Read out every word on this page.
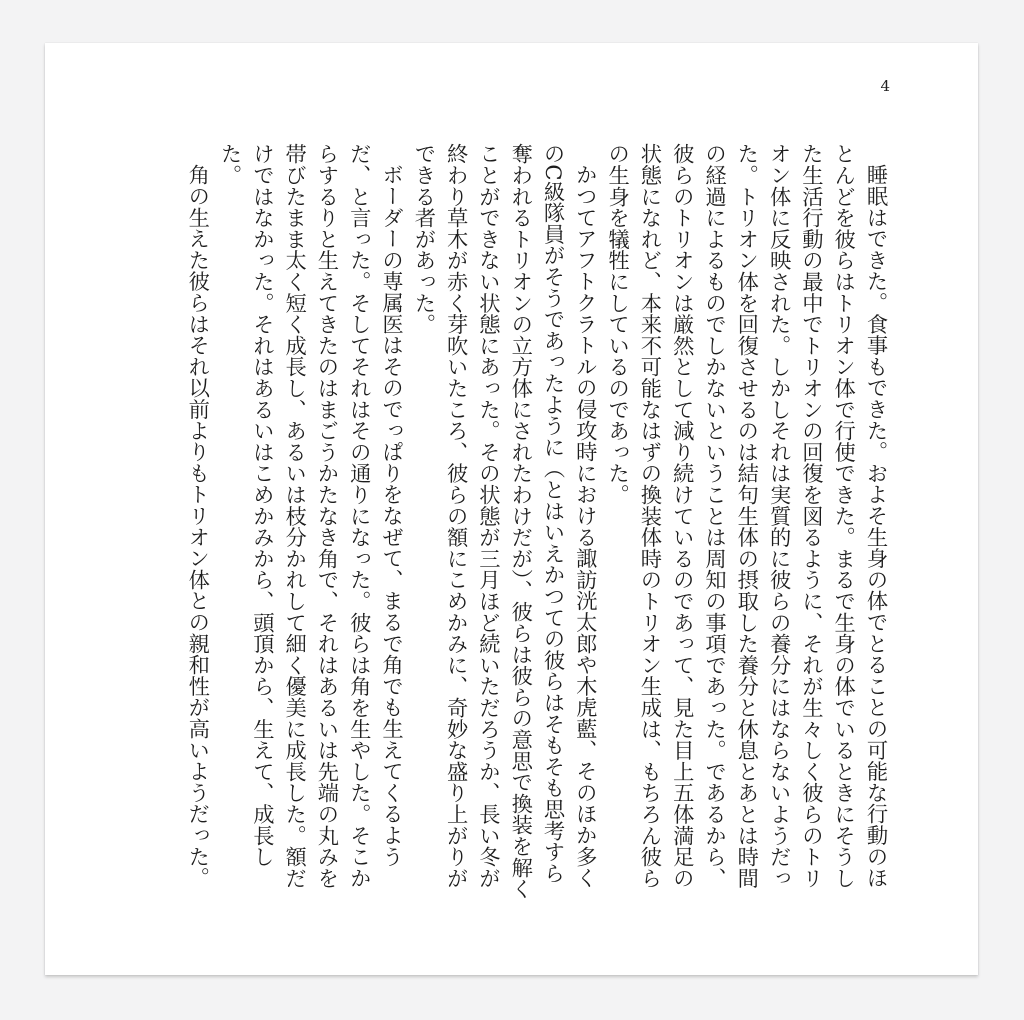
4

睡眠はできた。食事もできた。およそ生身の体でとることの可能な行動のほとんどを彼らはトリオン体で行使できた。まるで生身の体でいるときにそうした生活行動の最中でトリオンの回復を図るように、それが生々しく彼らのトリオン体に反映された。しかしそれは実質的に彼らの養分にはならないようだった。トリオン体を回復させるのは結句生体の摂取した養分と休息とあとは時間の経過によるものでしかないということは周知の事項であった。であるから、彼らのトリオンは厳然として減り続けているのであって、見た目上五体満足の状態になれど、本来不可能なはずの換装体時のトリオン生成は、もちろん彼らの生身を犠牲にしているのであった。

かつてアフトクラトルの侵攻時における諏訪洸太郎や木虎藍、そのほか多くのC級隊員がそうであったように（とはいえかつての彼らはそもそも思考すら奪われるトリオンの立方体にされたわけだが）、彼らは彼らの意思で換装を解くことができない状態にあった。その状態が三月ほど続いただろうか、長い冬が終わり草木が赤く芽吹いたころ、彼らの額にこめかみに、奇妙な盛り上がりができる者があった。

ボーダーの専属医はそのでっぱりをなぜて、まるで角でも生えてくるようだ、と言った。そしてそれはその通りになった。彼らは角を生やした。そこからするりと生えてきたのはまごうかたなき角で、それはあるいは先端の丸みを帯びたまま太く短く成長し、あるいは枝分かれして細く優美に成長した。額だけではなかった。それはあるいはこめかみから、頭頂から、生えて、成長した。

角の生えた彼らはそれ以前よりもトリオン体との親和性が高いようだった。
